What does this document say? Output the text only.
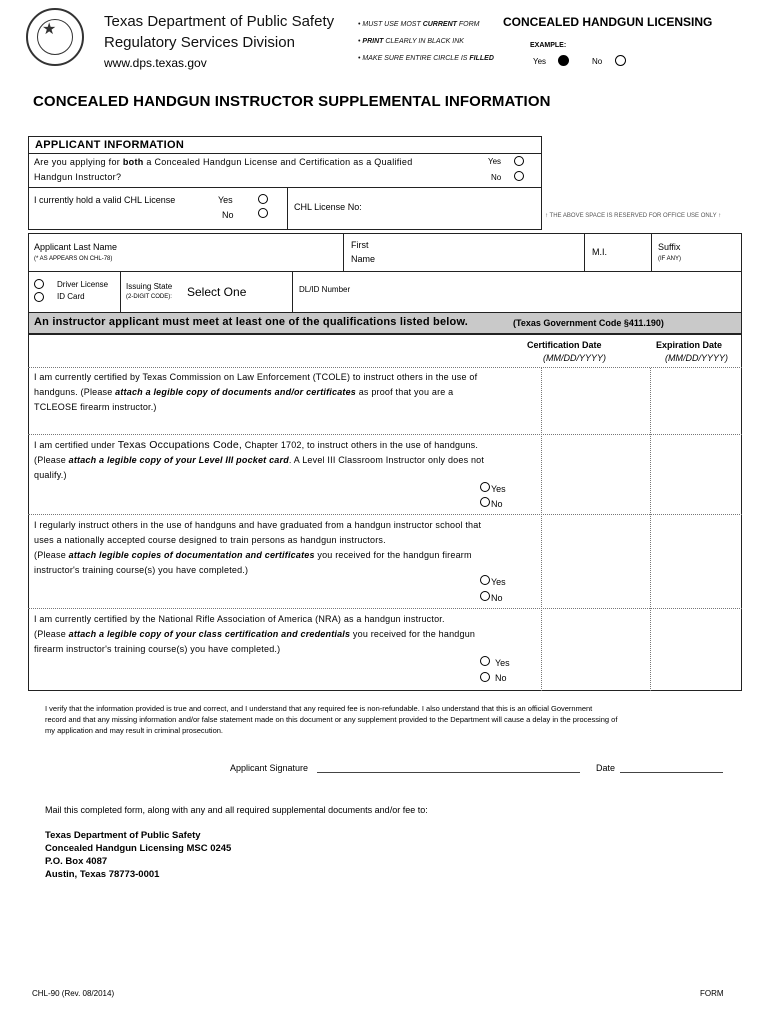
★	Texas Department of Public Safety
Regulatory Services Division
www.dps.texas.gov
• MUST USE MOST CURRENT FORM
• PRINT CLEARLY IN BLACK INK
• MAKE SURE ENTIRE CIRCLE IS FILLED
CONCEALED HANDGUN LICENSING
EXAMPLE:
Yes	No
CONCEALED HANDGUN INSTRUCTOR SUPPLEMENTAL INFORMATION
APPLICANT INFORMATION
Are you applying for both a Concealed Handgun License and Certification as a Qualified
Handgun Instructor?
Yes
No
I currently hold a valid CHL License	Yes
No
CHL License No:
↑ THE ABOVE SPACE IS RESERVED FOR OFFICE USE ONLY ↑
Applicant Last Name
(* AS APPEARS ON CHL-78)
First
Name
M.I.	Suffix
(IF ANY)
Driver License
ID Card
Issuing State
(2-DIGIT CODE): Select One	DL/ID Number
An instructor applicant must meet at least one of the qualifications listed below.	(Texas Government Code §411.190)
Certification Date
(MM/DD/YYYY)
Expiration Date
(MM/DD/YYYY)
I am currently certified by Texas Commission on Law Enforcement (TCOLE) to instruct others in the use of
handguns. (Please attach a legible copy of documents and/or certificates as proof that you are a
TCLEOSE firearm instructor.)
I am certified under Texas Occupations Code, Chapter 1702, to instruct others in the use of handguns.
(Please attach a legible copy of your Level III pocket card. A Level III Classroom Instructor only does not
qualify.)
Yes
No
I regularly instruct others in the use of handguns and have graduated from a handgun instructor school that
uses a nationally accepted course designed to train persons as handgun instructors.
(Please attach legible copies of documentation and certificates you received for the handgun firearm
instructor's training course(s) you have completed.)
Yes
No
I am currently certified by the National Rifle Association of America (NRA) as a handgun instructor.
(Please attach a legible copy of your class certification and credentials you received for the handgun
firearm instructor's training course(s) you have completed.)
Yes
No
I verify that the information provided is true and correct, and I understand that any required fee is non-refundable. I also understand that this is an official Government
record and that any missing information and/or false statement made on this document or any supplement provided to the Department will cause a delay in the processing of
my application and may result in criminal prosecution.
Applicant Signature	Date
Mail this completed form, along with any and all required supplemental documents and/or fee to:
Texas Department of Public Safety
Concealed Handgun Licensing MSC 0245
P.O. Box 4087
Austin, Texas 78773-0001
CHL-90 (Rev. 08/2014)	FORM
